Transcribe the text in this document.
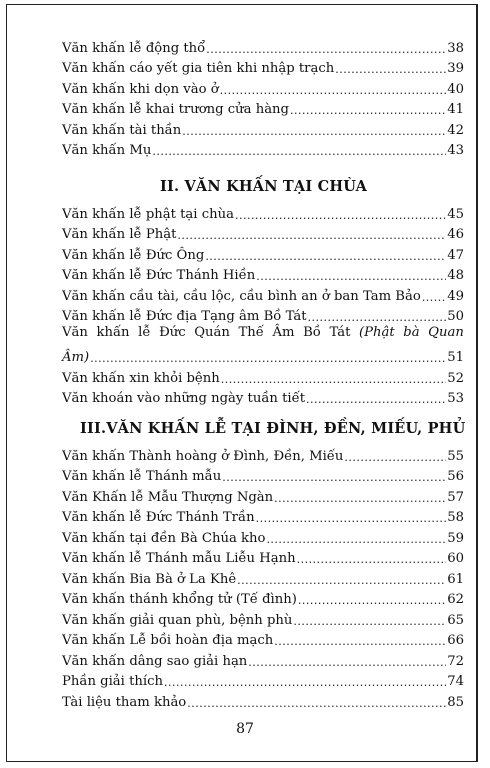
Văn khấn lễ động thổ .....	38
Văn khấn cáo yết gia tiên khi nhập trạch .....	39
Văn khấn khi dọn vào ở .....	40
Văn khấn lễ khai trương cửa hàng .....	41
Văn khấn tài thần .....	42
Văn khấn Mụ .....	43
II. VĂN KHẤN TẠI CHÙA
Văn khấn lễ phật tại chùa .....	45
Văn khấn lễ Phật .....	46
Văn khấn lễ Đức Ông .....	47
Văn khấn lễ Đức Thánh Hiền .....	48
Văn khấn cầu tài, cầu lộc, cầu bình an ở ban Tam Bảo ..... 49
Văn khấn lễ Đức địa Tạng âm Bồ Tát .....	50
Văn khấn lễ Đức Quán Thế Âm Bồ Tát (Phật bà Quan
Âm) .....	51
Văn khấn xin khỏi bệnh .....	52
Văn khoán vào những ngày tuần tiết .....	53
III.VĂN KHẤN LỄ TẠI ĐÌNH, ĐỀN, MIẾU, PHỦ
Văn khấn Thành hoàng ở Đình, Đền, Miếu .....	55
Văn khấn lễ Thánh mẫu .....	56
Văn Khấn lễ Mẫu Thượng Ngàn .....	57
Văn khấn lễ Đức Thánh Trần .....	58
Văn khấn tại đền Bà Chúa kho .....	59
Văn khấn lễ Thánh mẫu Liễu Hạnh .....	60
Văn khấn Bia Bà ở La Khê .....	61
Văn khấn thánh khổng tử (Tế đình) .....	62
Văn khấn giải quan phù, bệnh phù .....	65
Văn khấn Lễ bồi hoàn địa mạch .....	66
Văn khấn dâng sao giải hạn .....	72
Phần giải thích .....	74
Tài liệu tham khảo .....	85
87
